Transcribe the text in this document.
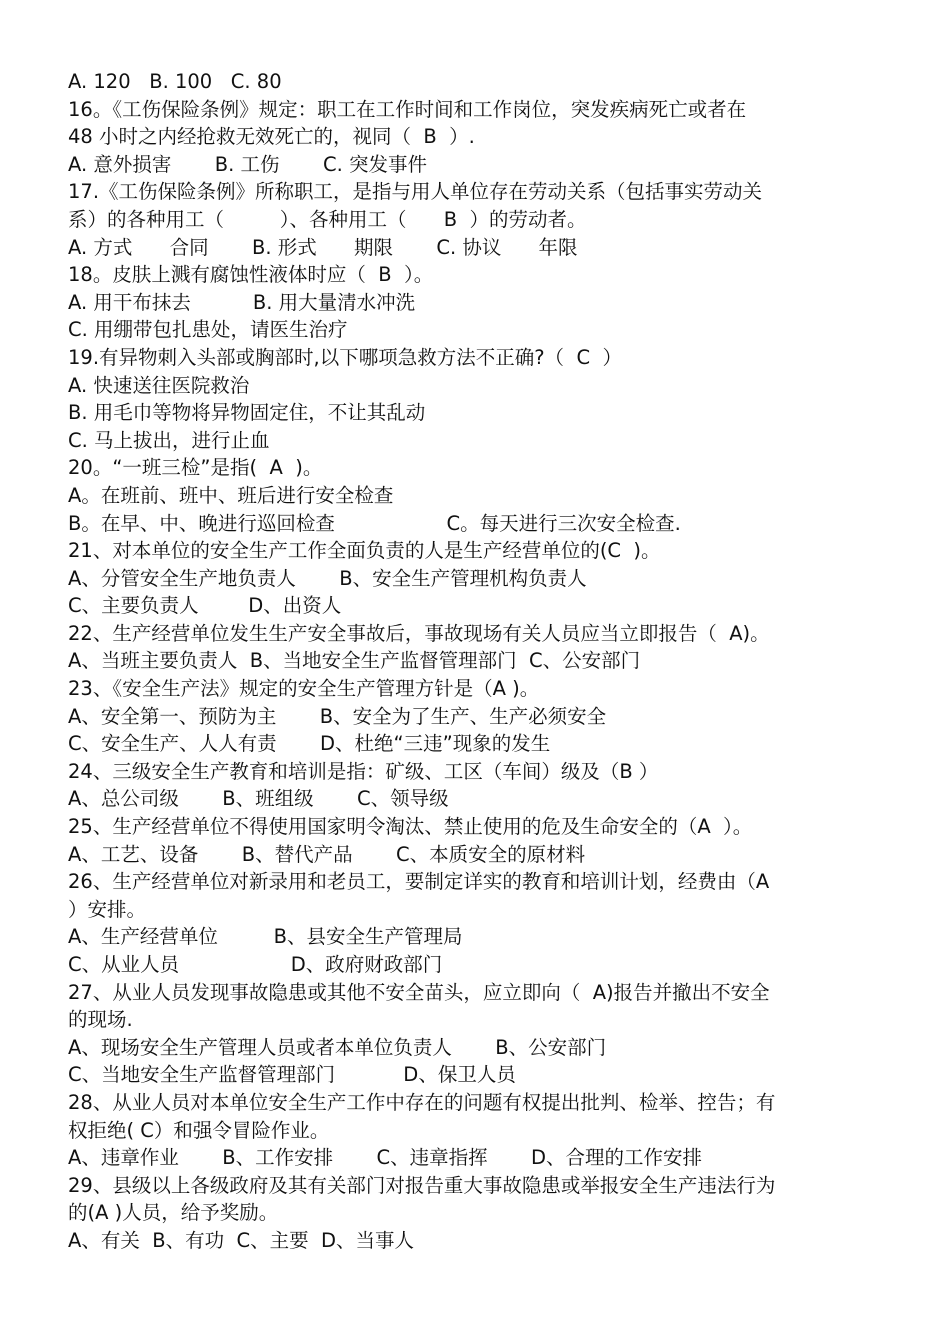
A. 120   B. 100   C. 80
16。《工伤保险条例》规定：职工在工作时间和工作岗位，突发疾病死亡或者在
48 小时之内经抢救无效死亡的，视同（  B  ）.
A. 意外损害       B. 工伤       C. 突发事件
17.《工伤保险条例》所称职工，是指与用人单位存在劳动关系（包括事实劳动关
系）的各种用工（         ）、各种用工（      B  ）的劳动者。
A. 方式      合同       B. 形式      期限       C. 协议      年限
18。皮肤上溅有腐蚀性液体时应（  B  ）。
A. 用干布抹去          B. 用大量清水冲洗
C. 用绷带包扎患处，请医生治疗
19.有异物刺入头部或胸部时,以下哪项急救方法不正确?（  C  ）
A. 快速送往医院救治
B. 用毛巾等物将异物固定住，不让其乱动
C. 马上拔出，进行止血
20。“一班三检”是指(  A  )。
A。在班前、班中、班后进行安全检查
B。在早、中、晚进行巡回检查                  C。每天进行三次安全检查.
21、对本单位的安全生产工作全面负责的人是生产经营单位的(C  )。
A、分管安全生产地负责人       B、安全生产管理机构负责人
C、主要负责人        D、出资人
22、生产经营单位发生生产安全事故后，事故现场有关人员应当立即报告（  A)。
A、当班主要负责人  B、当地安全生产监督管理部门  C、公安部门
23、《安全生产法》规定的安全生产管理方针是（A )。
A、安全第一、预防为主       B、安全为了生产、生产必须安全
C、安全生产、人人有责       D、杜绝“三违”现象的发生
24、三级安全生产教育和培训是指：矿级、工区（车间）级及（B ）
A、总公司级       B、班组级       C、领导级
25、生产经营单位不得使用国家明令淘汰、禁止使用的危及生命安全的（A  ）。
A、工艺、设备       B、替代产品       C、本质安全的原材料
26、生产经营单位对新录用和老员工，要制定详实的教育和培训计划，经费由（A
）安排。
A、生产经营单位         B、县安全生产管理局
C、从业人员                  D、政府财政部门
27、从业人员发现事故隐患或其他不安全苗头，应立即向（  A)报告并撤出不安全
的现场.
A、现场安全生产管理人员或者本单位负责人       B、公安部门
C、当地安全生产监督管理部门           D、保卫人员
28、从业人员对本单位安全生产工作中存在的问题有权提出批判、检举、控告；有
权拒绝( C）和强令冒险作业。
A、违章作业       B、工作安排       C、违章指挥       D、合理的工作安排
29、县级以上各级政府及其有关部门对报告重大事故隐患或举报安全生产违法行为
的(A )人员，给予奖励。
A、有关  B、有功  C、主要  D、当事人
